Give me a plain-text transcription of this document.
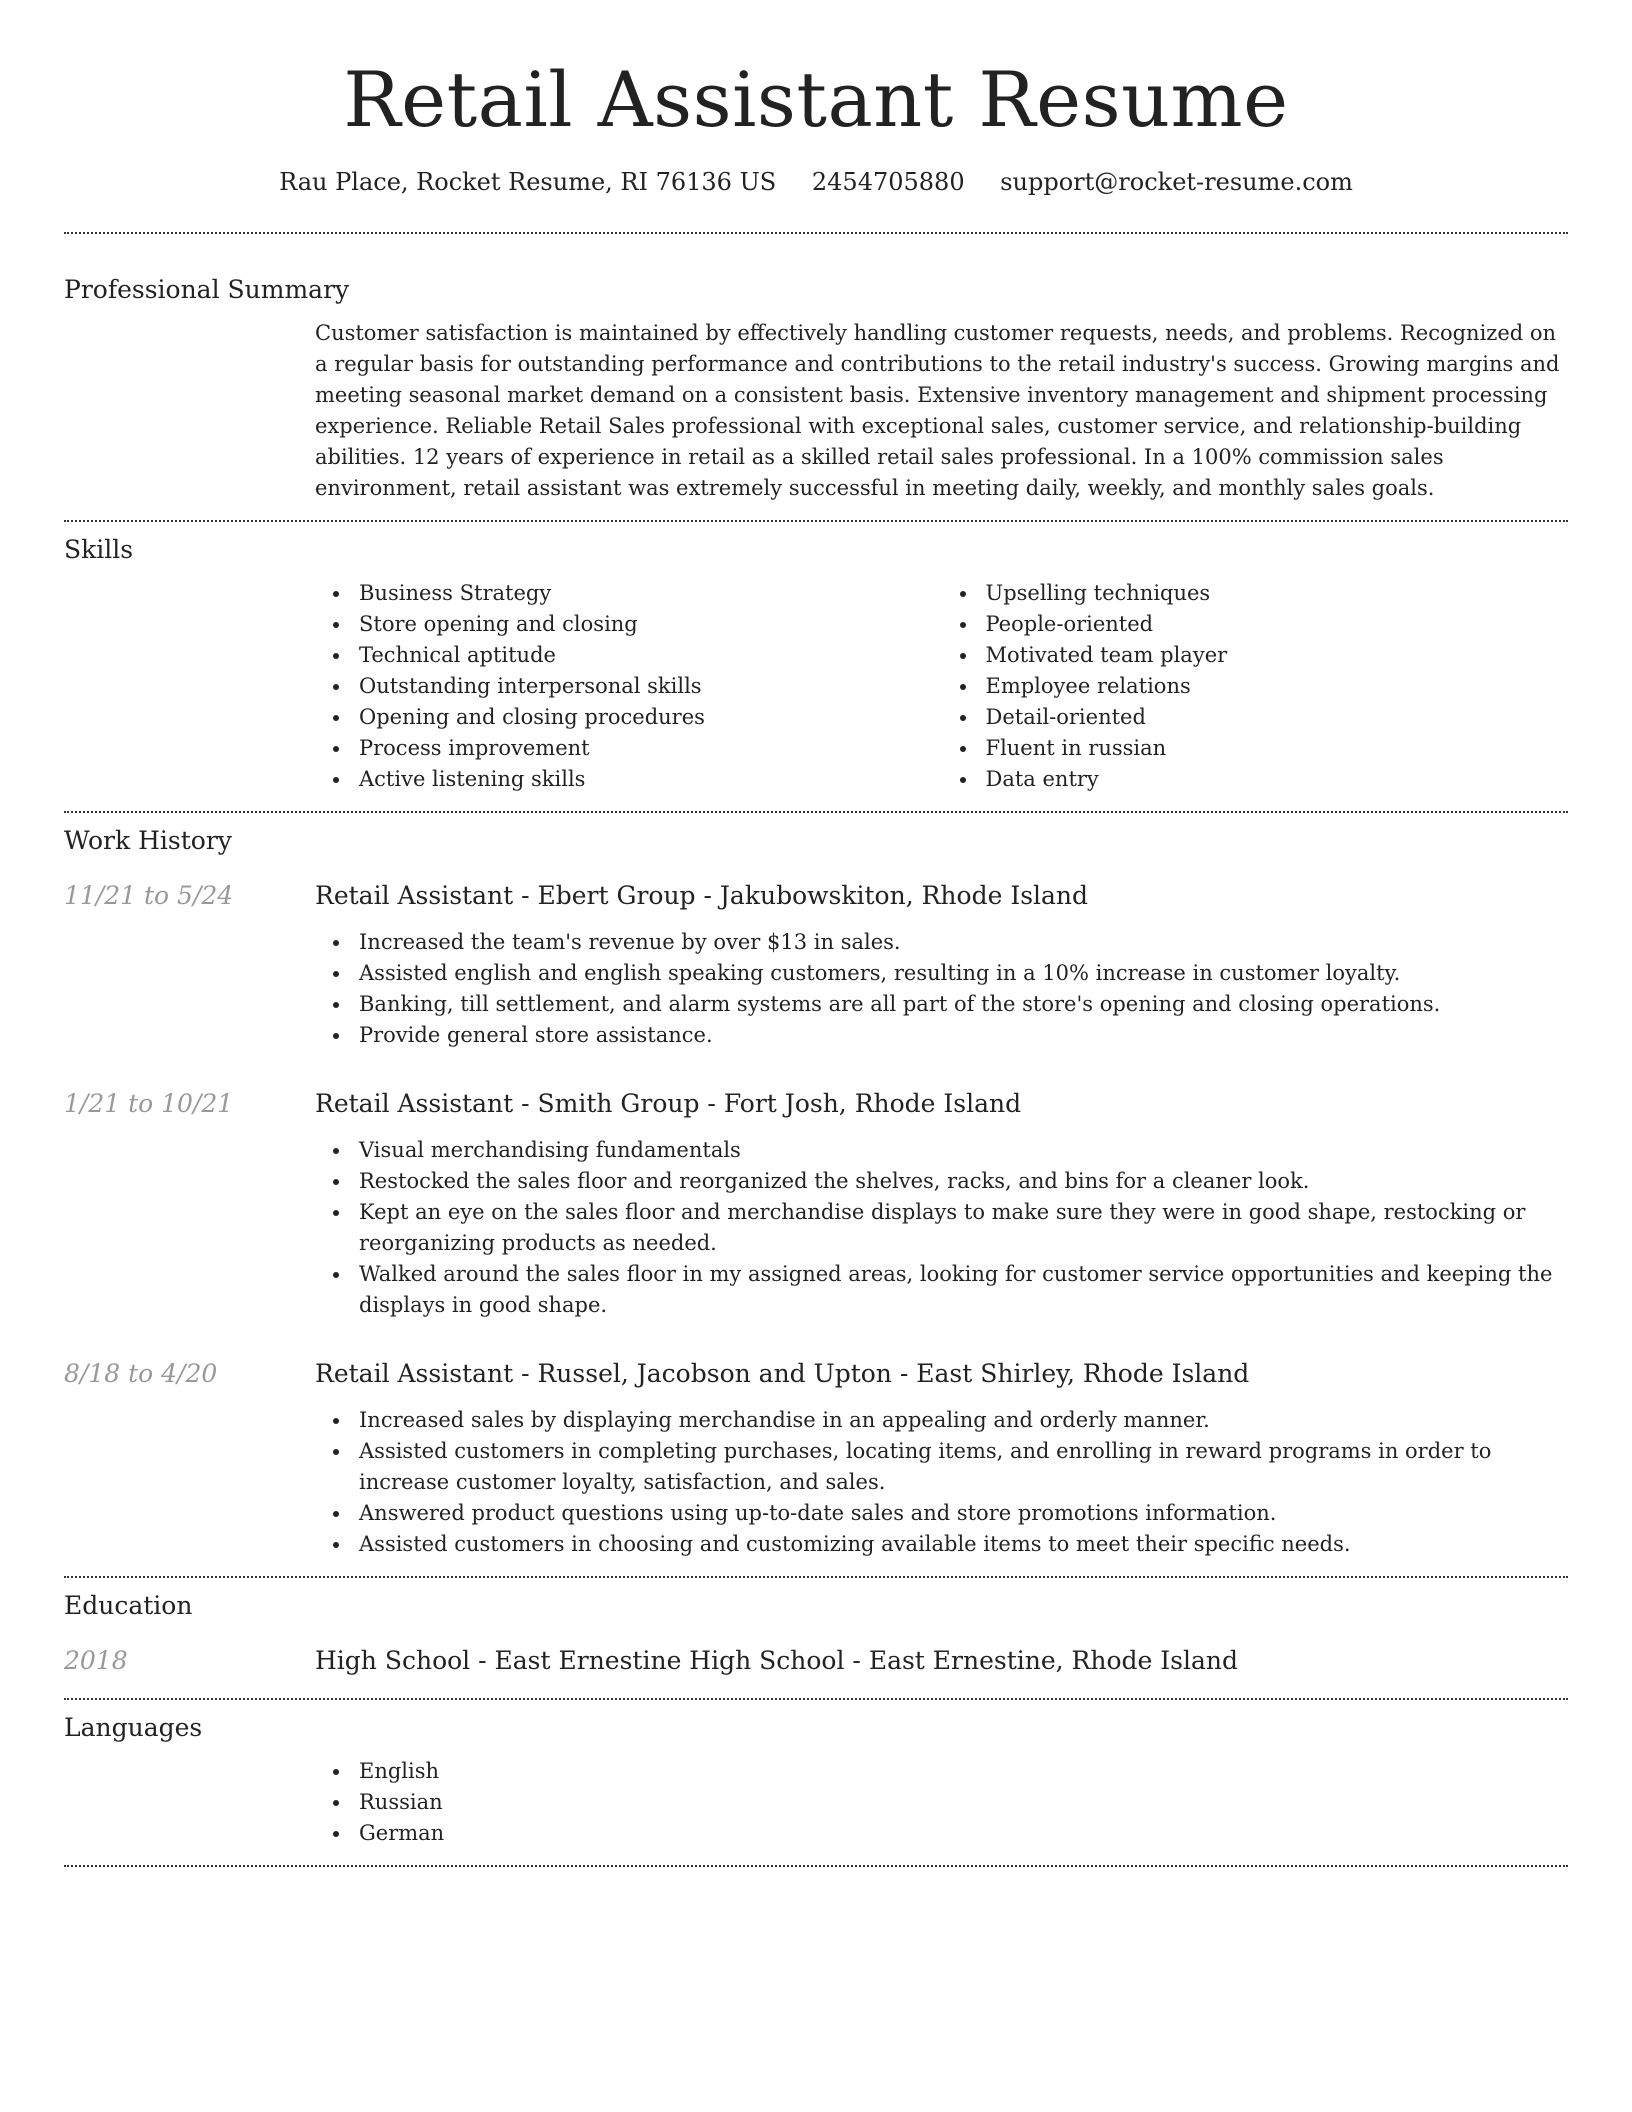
Retail Assistant Resume
Rau Place, Rocket Resume, RI 76136 US 2454705880 support@rocket-resume.com
Professional Summary

Customer satisfaction is maintained by effectively handling customer requests, needs, and problems. Recognized on a regular basis for outstanding performance and contributions to the retail industry's success. Growing margins and meeting seasonal market demand on a consistent basis. Extensive inventory management and shipment processing experience. Reliable Retail Sales professional with exceptional sales, customer service, and relationship-building abilities. 12 years of experience in retail as a skilled retail sales professional. In a 100% commission sales environment, retail assistant was extremely successful in meeting daily, weekly, and monthly sales goals.

Skills
Business Strategy
Store opening and closing
Technical aptitude
Outstanding interpersonal skills
Opening and closing procedures
Process improvement
Active listening skills
Upselling techniques
People-oriented
Motivated team player
Employee relations
Detail-oriented
Fluent in russian
Data entry
Work History
11/21 to 5/24	Retail Assistant - Ebert Group - Jakubowskiton, Rhode Island
Increased the team's revenue by over $13 in sales.
Assisted english and english speaking customers, resulting in a 10% increase in customer loyalty.
Banking, till settlement, and alarm systems are all part of the store's opening and closing operations.
Provide general store assistance.
1/21 to 10/21	Retail Assistant - Smith Group - Fort Josh, Rhode Island
Visual merchandising fundamentals
Restocked the sales floor and reorganized the shelves, racks, and bins for a cleaner look.
Kept an eye on the sales floor and merchandise displays to make sure they were in good shape, restocking or reorganizing products as needed.
Walked around the sales floor in my assigned areas, looking for customer service opportunities and keeping the displays in good shape.
8/18 to 4/20	Retail Assistant - Russel, Jacobson and Upton - East Shirley, Rhode Island
Increased sales by displaying merchandise in an appealing and orderly manner.
Assisted customers in completing purchases, locating items, and enrolling in reward programs in order to increase customer loyalty, satisfaction, and sales.
Answered product questions using up-to-date sales and store promotions information.
Assisted customers in choosing and customizing available items to meet their specific needs.
Education
2018	High School - East Ernestine High School - East Ernestine, Rhode Island
Languages
English
Russian
German
